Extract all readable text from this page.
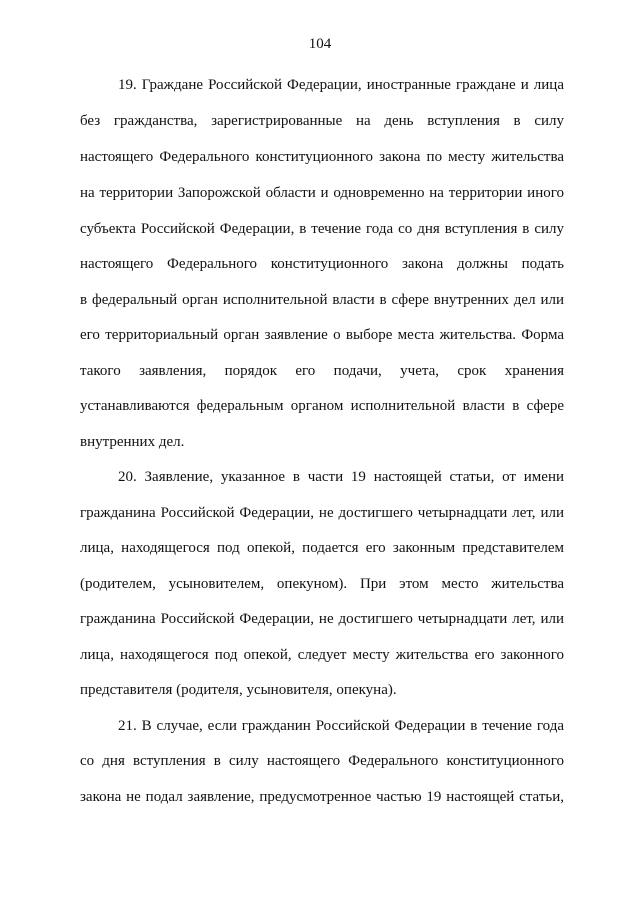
104
19. Граждане Российской Федерации, иностранные граждане и лица
без гражданства, зарегистрированные на день вступления в силу
настоящего Федерального конституционного закона по месту жительства
на территории Запорожской области и одновременно на территории иного
субъекта Российской Федерации, в течение года со дня вступления в силу
настоящего Федерального конституционного закона должны подать
в федеральный орган исполнительной власти в сфере внутренних дел или
его территориальный орган заявление о выборе места жительства. Форма
такого заявления, порядок его подачи, учета, срок хранения
устанавливаются федеральным органом исполнительной власти в сфере
внутренних дел.
20. Заявление, указанное в части 19 настоящей статьи, от имени
гражданина Российской Федерации, не достигшего четырнадцати лет, или
лица, находящегося под опекой, подается его законным представителем
(родителем, усыновителем, опекуном). При этом место жительства
гражданина Российской Федерации, не достигшего четырнадцати лет, или
лица, находящегося под опекой, следует месту жительства его законного
представителя (родителя, усыновителя, опекуна).
21. В случае, если гражданин Российской Федерации в течение года
со дня вступления в силу настоящего Федерального конституционного
закона не подал заявление, предусмотренное частью 19 настоящей статьи,
